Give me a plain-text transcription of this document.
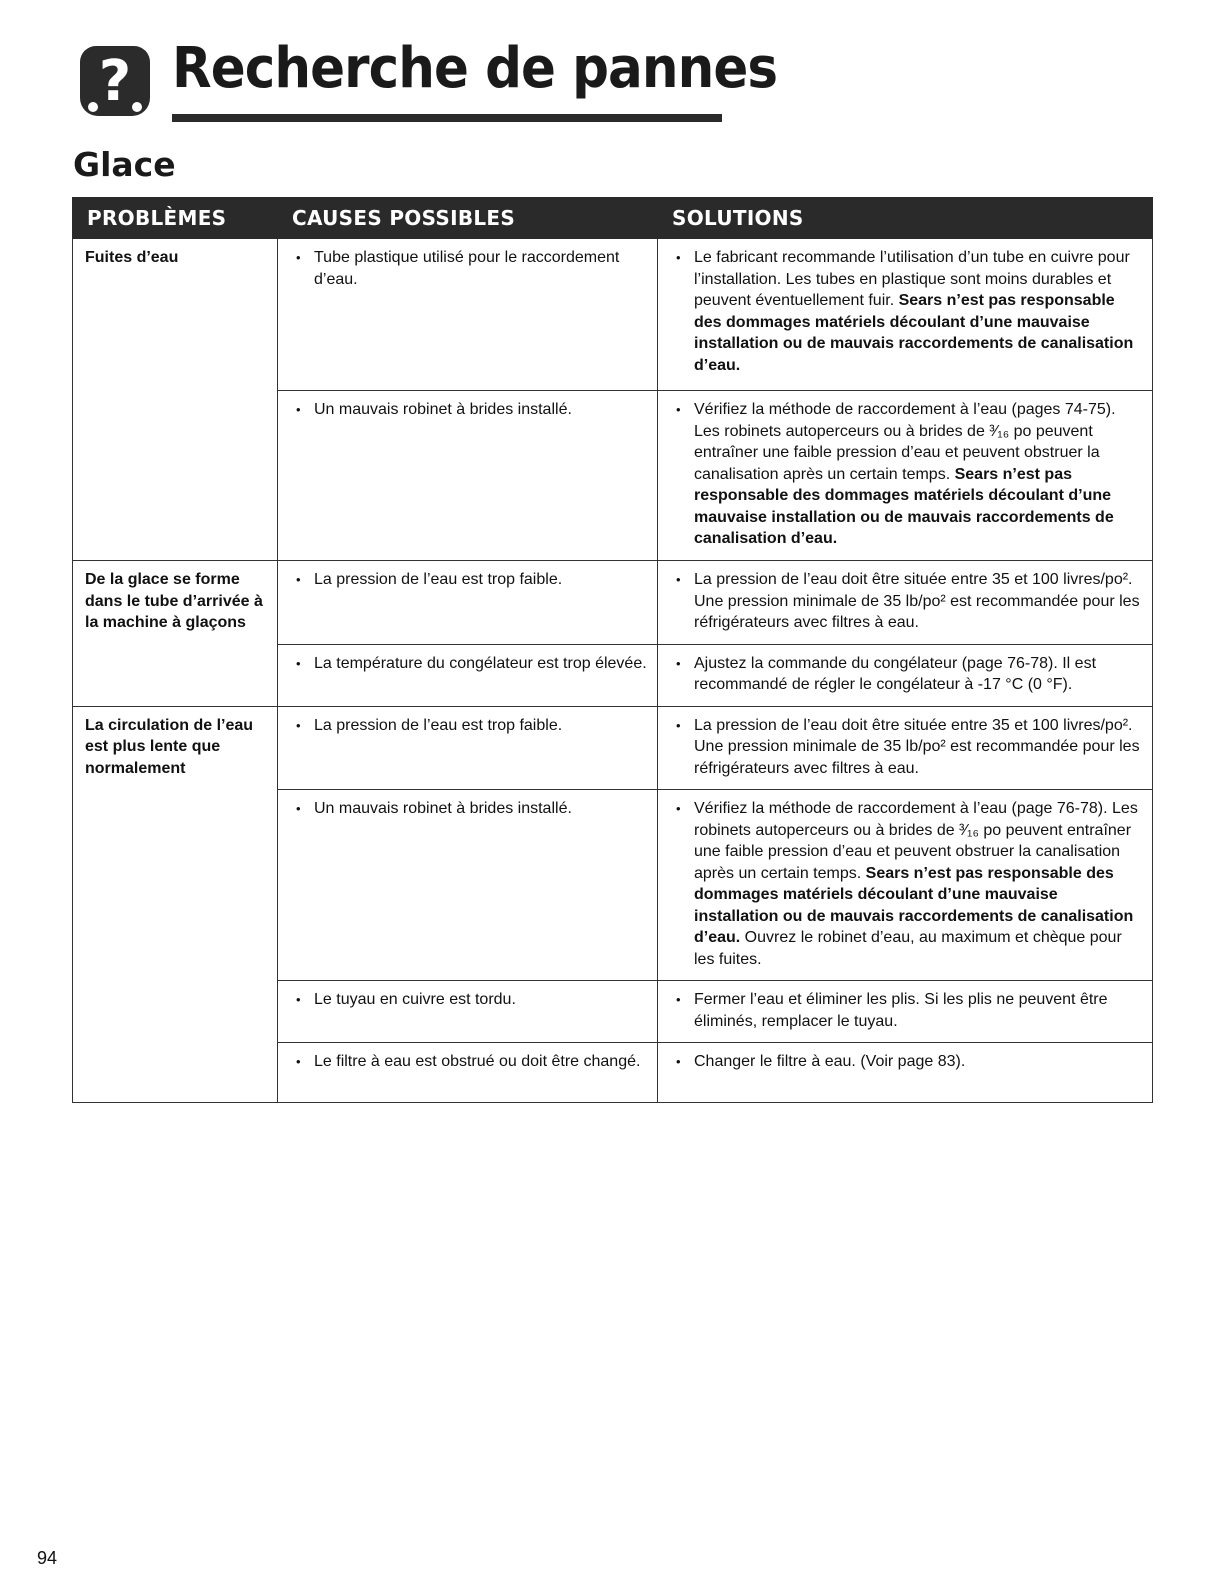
? Recherche de pannes
Glace
PROBLÈMES	CAUSES POSSIBLES	SOLUTIONS
Fuites d’eau	• Tube plastique utilisé pour le raccordement d’eau.	• Le fabricant recommande l’utilisation d’un tube en cuivre pour l’installation. Les tubes en plastique sont moins durables et peuvent éventuellement fuir. Sears n’est pas responsable des dommages matériels découlant d’une mauvaise installation ou de mauvais raccordements de canalisation d’eau.

	• Un mauvais robinet à brides installé.	• Vérifiez la méthode de raccordement à l’eau (pages 74-75). Les robinets autoperceurs ou à brides de ³⁄₁₆ po peuvent entraîner une faible pression d’eau et peuvent obstruer la canalisation après un certain temps. Sears n’est pas responsable des dommages matériels découlant d’une mauvaise installation ou de mauvais raccordements de canalisation d’eau.

De la glace se forme dans le tube d’arrivée à la machine à glaçons	• La pression de l’eau est trop faible.	• La pression de l’eau doit être située entre 35 et 100 livres/po². Une pression minimale de 35 lb/po² est recommandée pour les réfrigérateurs avec filtres à eau.

	• La température du congélateur est trop élevée.	• Ajustez la commande du congélateur (page 76-78). Il est recommandé de régler le congélateur à -17 °C (0 °F).

La circulation de l’eau est plus lente que normalement	• La pression de l’eau est trop faible.	• La pression de l’eau doit être située entre 35 et 100 livres/po². Une pression minimale de 35 lb/po² est recommandée pour les réfrigérateurs avec filtres à eau.

	• Un mauvais robinet à brides installé.	• Vérifiez la méthode de raccordement à l’eau (page 76-78). Les robinets autoperceurs ou à brides de ³⁄₁₆ po peuvent entraîner une faible pression d’eau et peuvent obstruer la canalisation après un certain temps. Sears n’est pas responsable des dommages matériels découlant d’une mauvaise installation ou de mauvais raccordements de canalisation d’eau. Ouvrez le robinet d’eau, au maximum et chèque pour les fuites.

	• Le tuyau en cuivre est tordu.	• Fermer l’eau et éliminer les plis. Si les plis ne peuvent être éliminés, remplacer le tuyau.

	• Le filtre à eau est obstrué ou doit être changé.	• Changer le filtre à eau. (Voir page 83).
94
